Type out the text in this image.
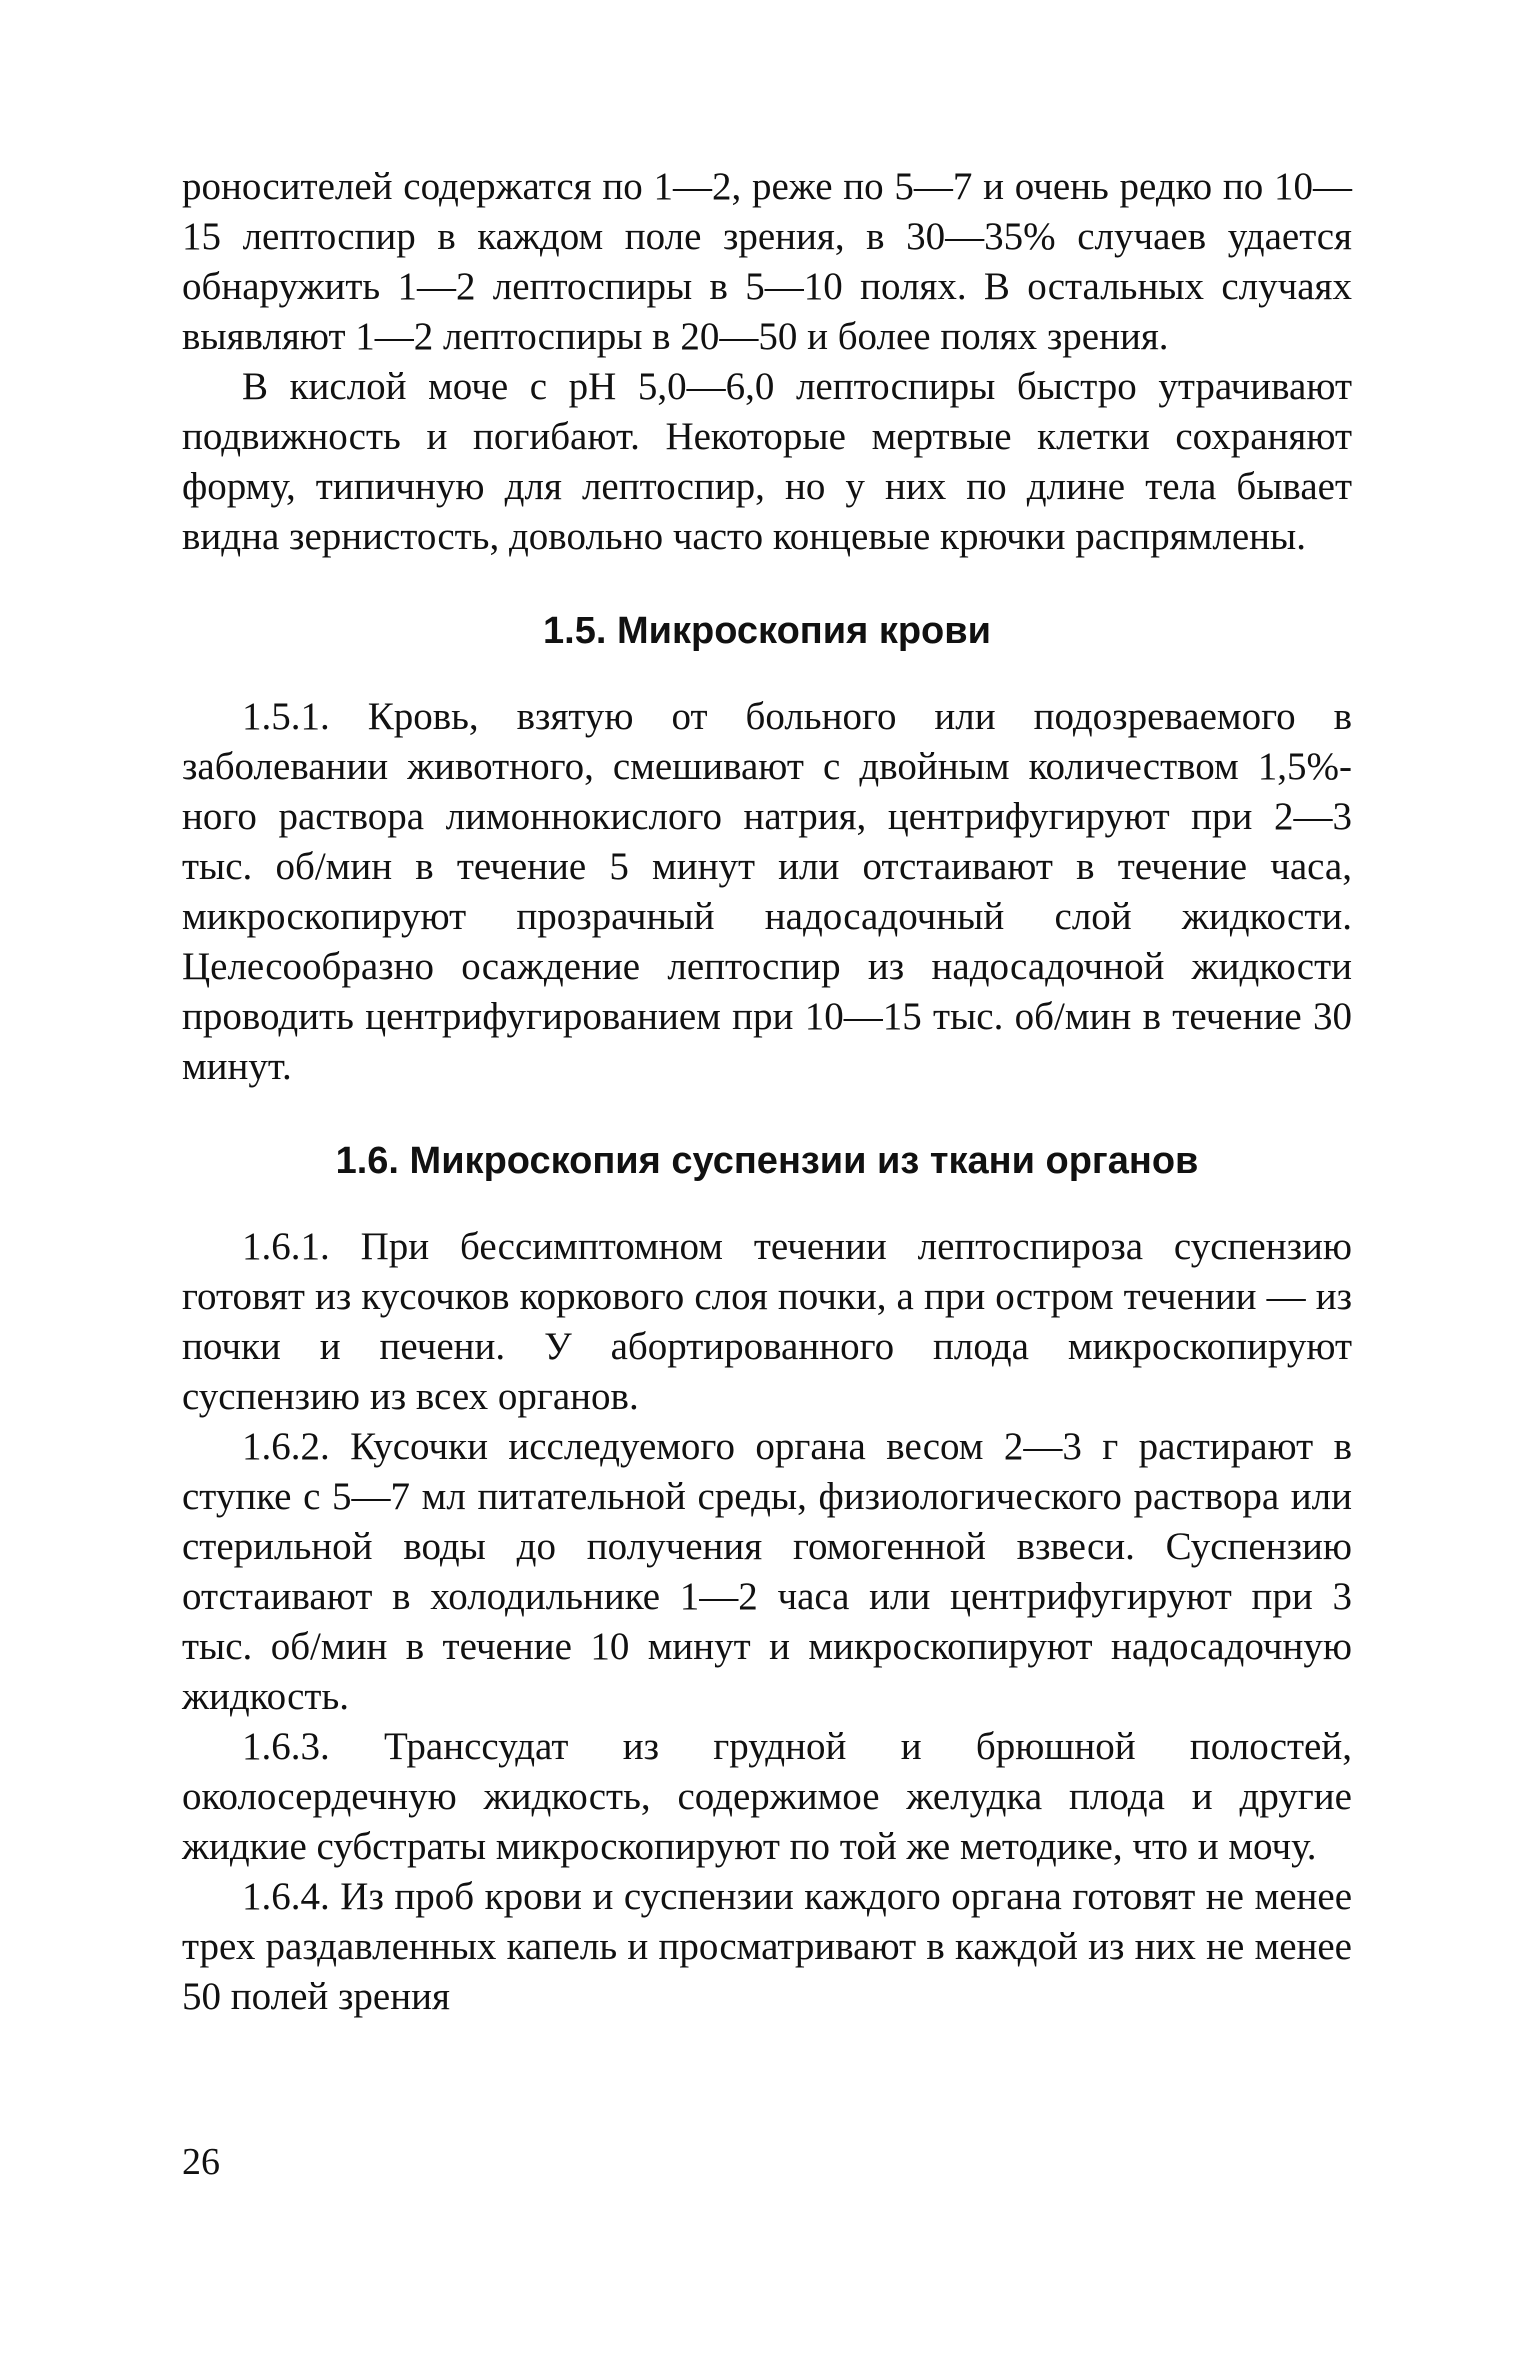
роносителей содержатся по 1—2, реже по 5—7 и очень редко по 10—15 лептоспир в каждом поле зрения, в 30—35% случаев удается обнаружить 1—2 лептоспиры в 5—10 полях. В остальных случаях выявляют 1—2 лептоспиры в 20—50 и более полях зрения.

В кислой моче с pH 5,0—6,0 лептоспиры быстро утрачивают подвижность и погибают. Некоторые мертвые клетки сохраняют форму, типичную для лептоспир, но у них по длине тела бывает видна зернистость, довольно часто концевые крючки распрямлены.

1.5. Микроскопия крови

1.5.1. Кровь, взятую от больного или подозреваемого в заболевании животного, смешивают с двойным количеством 1,5%-ного раствора лимоннокислого натрия, центрифугируют при 2—3 тыс. об/мин в течение 5 минут или отстаивают в течение часа, микроскопируют прозрачный надосадочный слой жидкости. Целесообразно осаждение лептоспир из надосадочной жидкости проводить центрифугированием при 10—15 тыс. об/мин в течение 30 минут.

1.6. Микроскопия суспензии из ткани органов

1.6.1. При бессимптомном течении лептоспироза суспензию готовят из кусочков коркового слоя почки, а при остром течении — из почки и печени. У абортированного плода микроскопируют суспензию из всех органов.

1.6.2. Кусочки исследуемого органа весом 2—3 г растирают в ступке с 5—7 мл питательной среды, физиологического раствора или стерильной воды до получения гомогенной взвеси. Суспензию отстаивают в холодильнике 1—2 часа или центрифугируют при 3 тыс. об/мин в течение 10 минут и микроскопируют надосадочную жидкость.

1.6.3. Транссудат из грудной и брюшной полостей, околосердечную жидкость, содержимое желудка плода и другие жидкие субстраты микроскопируют по той же методике, что и мочу.

1.6.4. Из проб крови и суспензии каждого органа готовят не менее трех раздавленных капель и просматривают в каждой из них не менее 50 полей зрения

26
